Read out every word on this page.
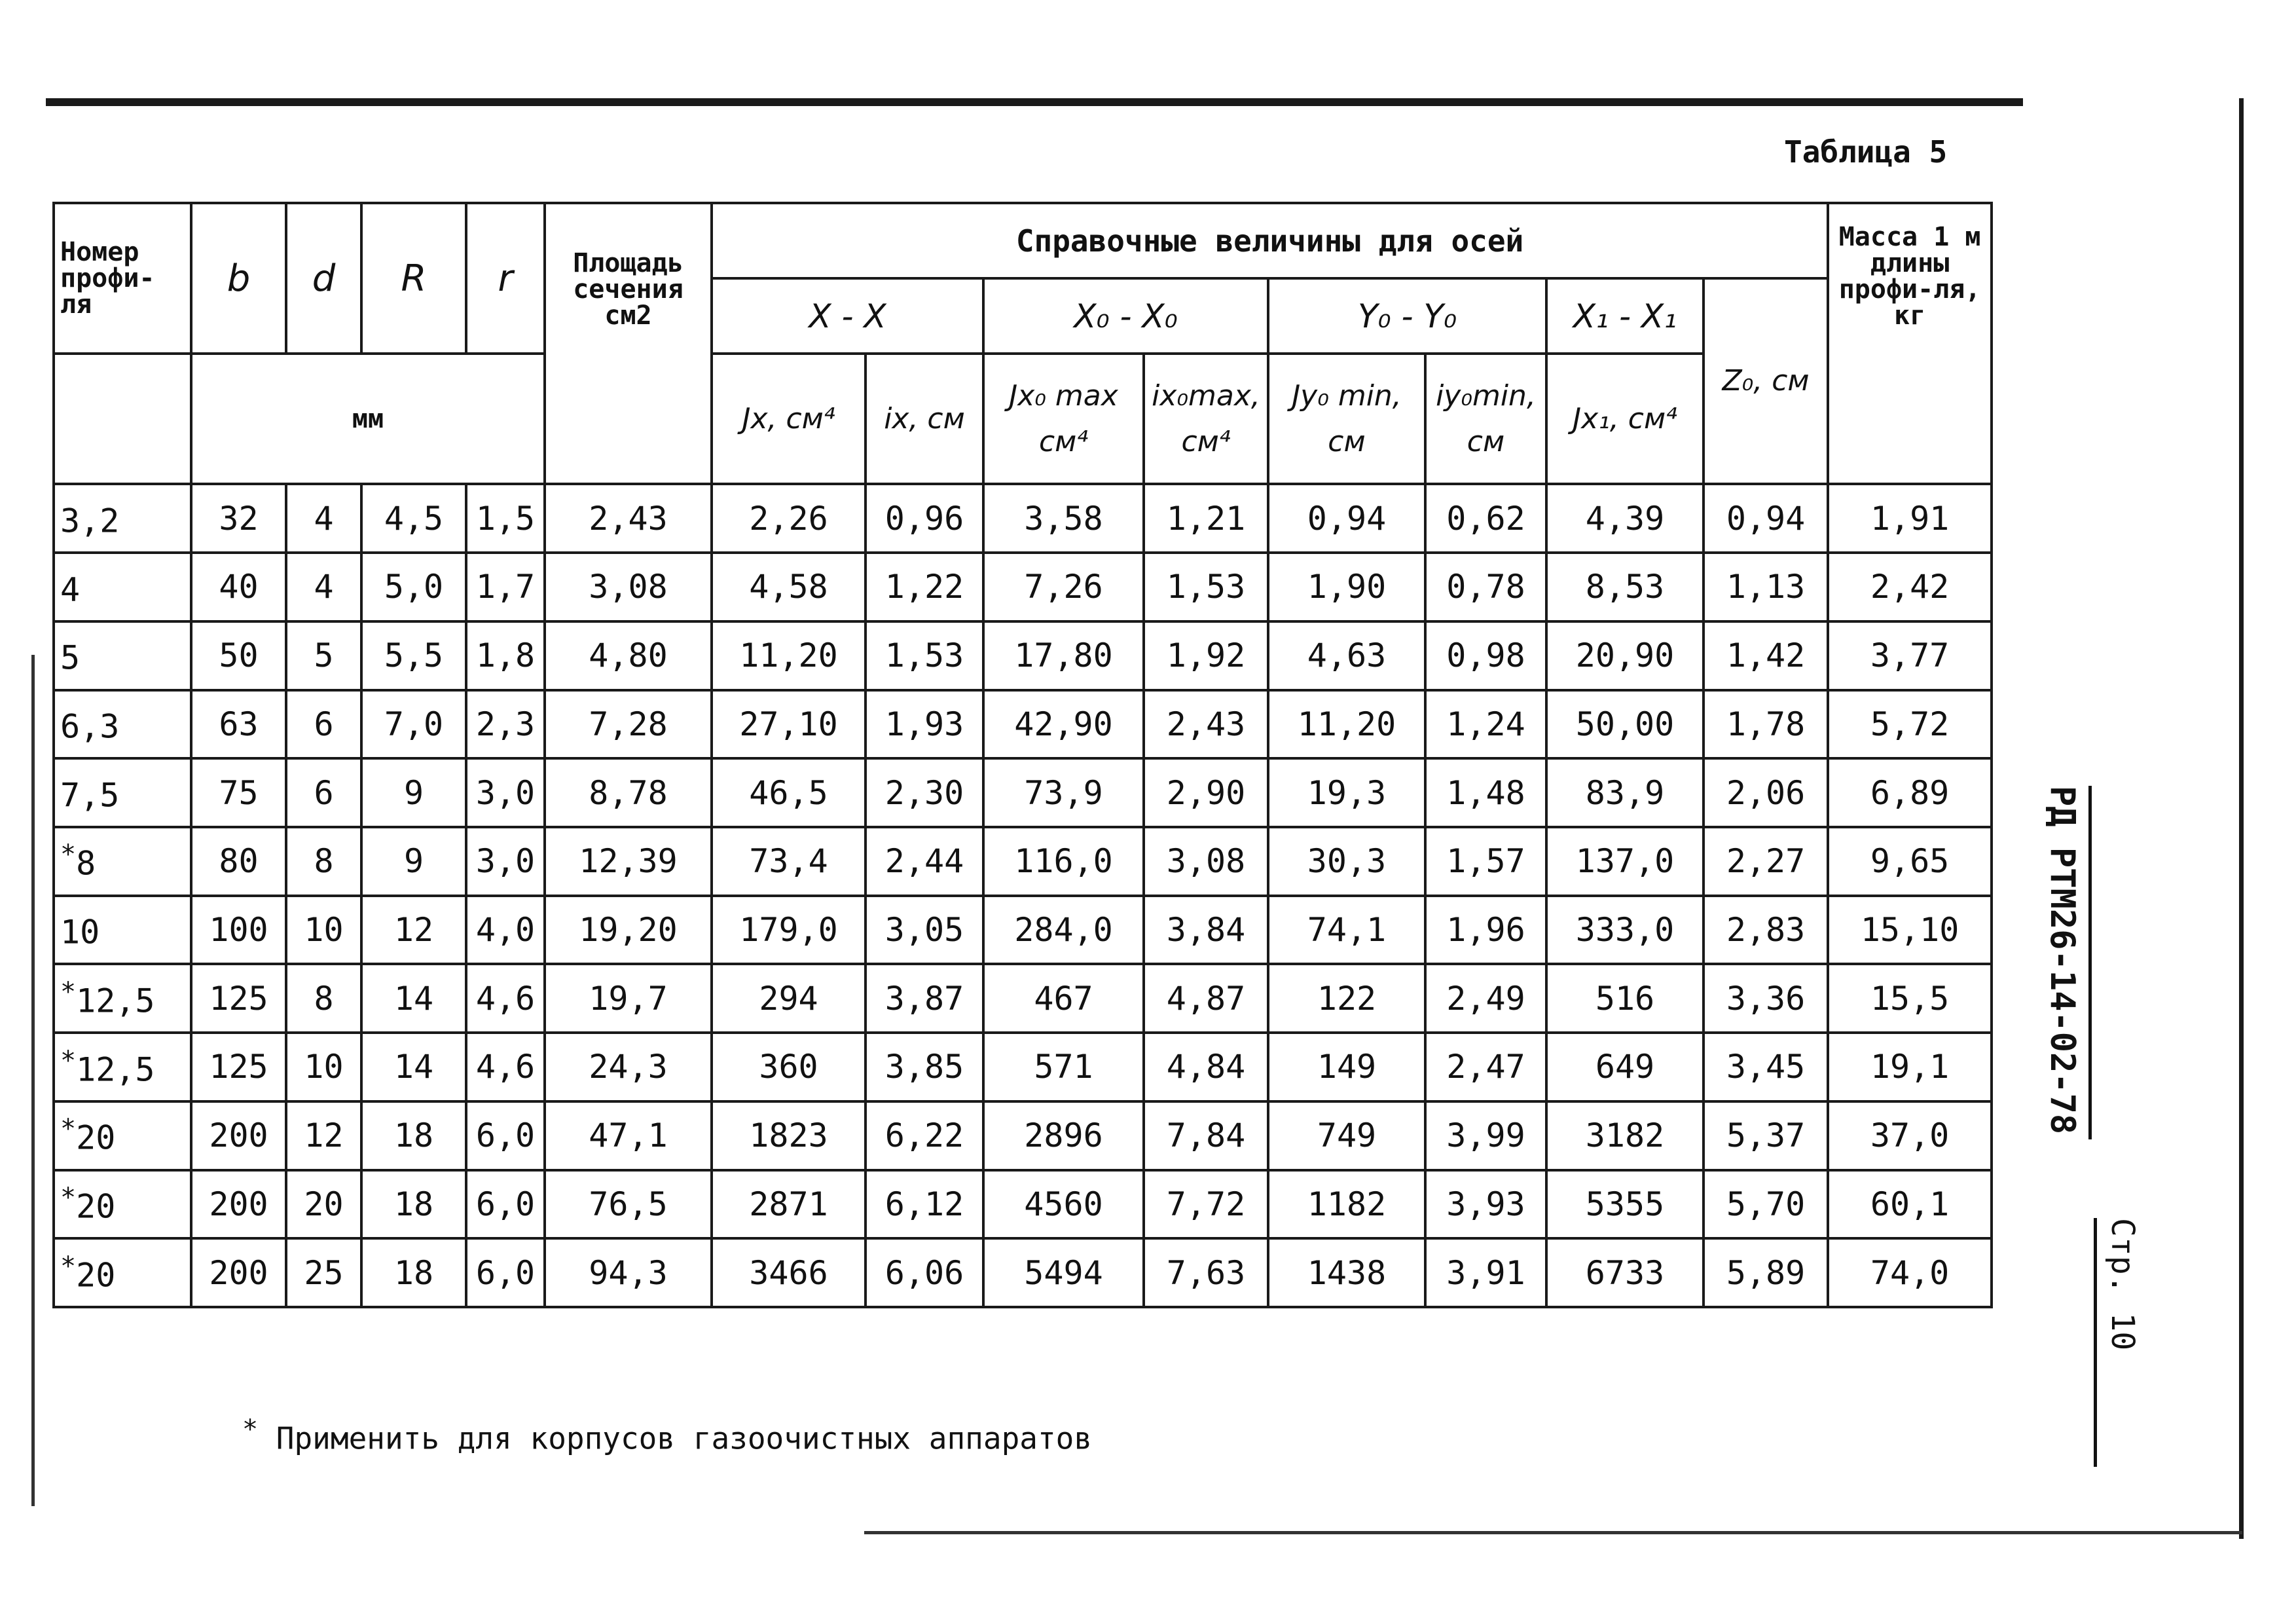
Таблица 5
Номер профи-ля	b	d	R	r	Площадь сечения см2	Справочные величины для осей								Масса 1 м длины профи-ля, кг
						X - X		X₀ - X₀		Y₀ - Y₀		X₁ - X₁	Z₀, см	
	мм					Jx, см⁴	ix, см	Jx₀ max см⁴	ix₀max, см⁴	Jy₀ min, см	iy₀min, см	Jx₁, см⁴		
3,2	32	4	4,5	1,5	2,43	2,26	0,96	3,58	1,21	0,94	0,62	4,39	0,94	1,91
4	40	4	5,0	1,7	3,08	4,58	1,22	7,26	1,53	1,90	0,78	8,53	1,13	2,42
5	50	5	5,5	1,8	4,80	11,20	1,53	17,80	1,92	4,63	0,98	20,90	1,42	3,77
6,3	63	6	7,0	2,3	7,28	27,10	1,93	42,90	2,43	11,20	1,24	50,00	1,78	5,72
7,5	75	6	9	3,0	8,78	46,5	2,30	73,9	2,90	19,3	1,48	83,9	2,06	6,89
*8	80	8	9	3,0	12,39	73,4	2,44	116,0	3,08	30,3	1,57	137,0	2,27	9,65
10	100	10	12	4,0	19,20	179,0	3,05	284,0	3,84	74,1	1,96	333,0	2,83	15,10
*12,5	125	8	14	4,6	19,7	294	3,87	467	4,87	122	2,49	516	3,36	15,5
*12,5	125	10	14	4,6	24,3	360	3,85	571	4,84	149	2,47	649	3,45	19,1
*20	200	12	18	6,0	47,1	1823	6,22	2896	7,84	749	3,99	3182	5,37	37,0
*20	200	20	18	6,0	76,5	2871	6,12	4560	7,72	1182	3,93	5355	5,70	60,1
*20	200	25	18	6,0	94,3	3466	6,06	5494	7,63	1438	3,91	6733	5,89	74,0
* Применить для корпусов газоочистных аппаратов
РД РТМ26-14-02-78
Стр. 10
